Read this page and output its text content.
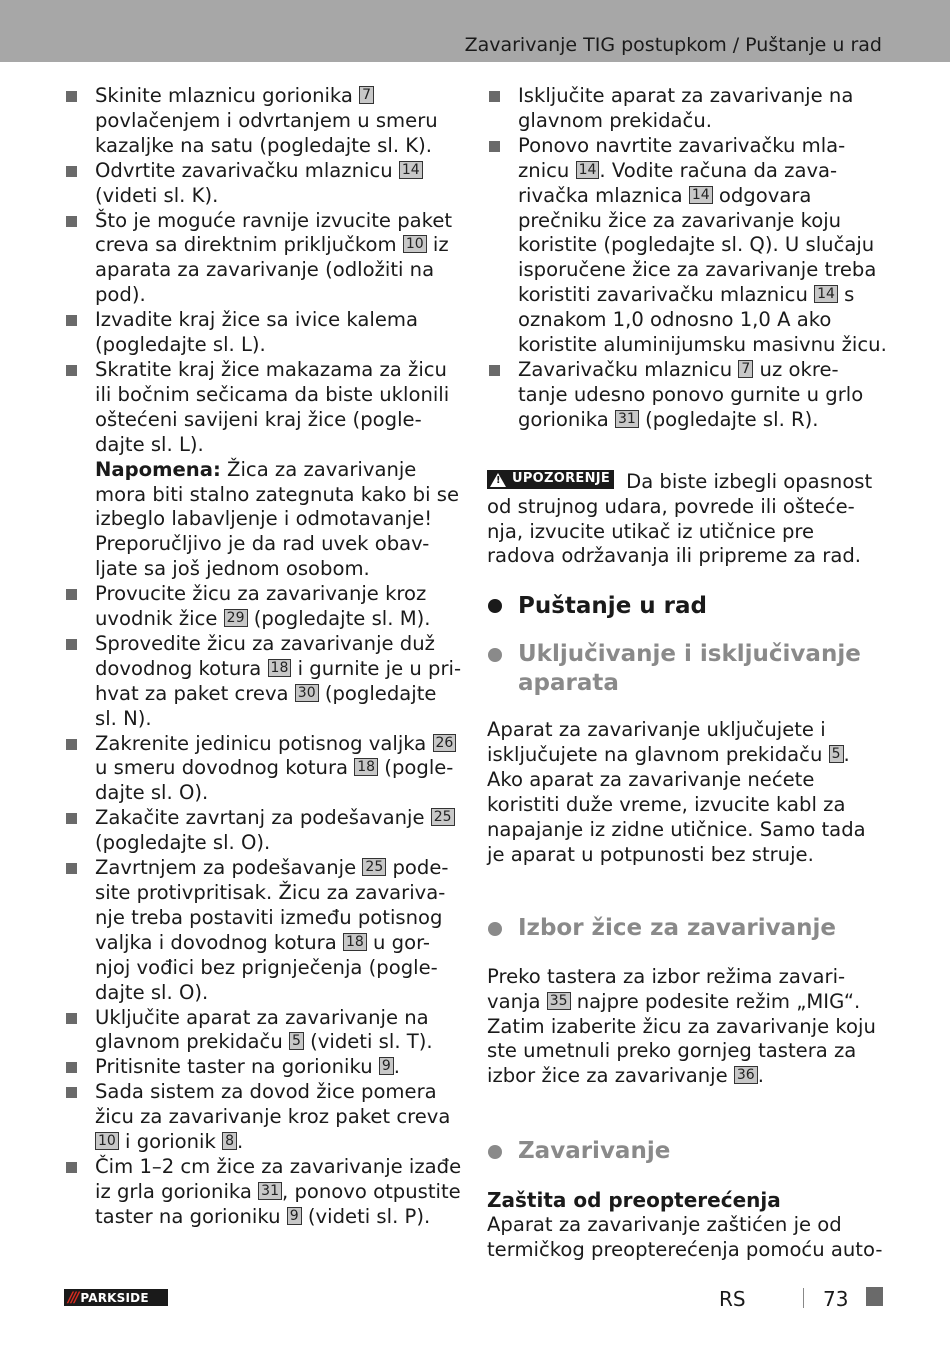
Zavarivanje TIG postupkom / Puštanje u rad
Skinite mlaznicu gorionika 7 povlačenjem i odvrtanjem u smeru kazaljke na satu (pogledajte sl. K).
Odvrtite zavarivačku mlaznicu 14 (videti sl. K).
Što je moguće ravnije izvucite paket creva sa direktnim priključkom 10 iz aparata za zavarivanje (odložiti na pod).
Izvadite kraj žice sa ivice kalema (pogledajte sl. L).
Skratite kraj žice makazama za žicu ili bočnim sečicama da biste uklonili oštećeni savijeni kraj žice (pogle-dajte sl. L).
Napomena: Žica za zavarivanje mora biti stalno zategnuta kako bi se izbeglo labavljenje i odmotavanje! Preporučljivo je da rad uvek obav-ljate sa još jednom osobom.
Provucite žicu za zavarivanje kroz uvodnik žice 29 (pogledajte sl. M).
Sprovedite žicu za zavarivanje duž dovodnog kotura 18 i gurnite je u pri-hvat za paket creva 30 (pogledajte sl. N).
Zakrenite jedinicu potisnog valjka 26 u smeru dovodnog kotura 18 (pogle-dajte sl. O).
Zakačite zavrtanj za podešavanje 25 (pogledajte sl. O).
Zavrtnjem za podešavanje 25 pode-site protivpritisak. Žicu za zavariva-nje treba postaviti između potisnog valjka i dovodnog kotura 18 u gor-njoj vođici bez prignječenja (pogle-dajte sl. O).
Uključite aparat za zavarivanje na glavnom prekidaču 5 (videti sl. T).
Pritisnite taster na gorioniku 9 .
Sada sistem za dovod žice pomera žicu za zavarivanje kroz paket creva 10 i gorionik 8 .
Čim 1–2 cm žice za zavarivanje izađe iz grla gorionika 31 , ponovo otpustite taster na gorioniku 9 (videti sl. P).
Isključite aparat za zavarivanje na glavnom prekidaču.
Ponovo navrtite zavarivačku mla-znicu 14 . Vodite računa da zava-rivačka mlaznica 14 odgovara prečniku žice za zavarivanje koju koristite (pogledajte sl. Q). U slučaju isporučene žice za zavarivanje treba koristiti zavarivačku mlaznicu 14 s oznakom 1,0 odnosno 1,0 A ako koristite aluminijumsku masivnu žicu.
Zavarivačku mlaznicu 7 uz okre-tanje udesno ponovo gurnite u grlo gorionika 31 (pogledajte sl. R).

!
UPOZORENJE Da biste izbegli opasnost od strujnog udara, povrede ili ošteće-nja, izvucite utikač iz utičnice pre radova održavanja ili pripreme za rad.

Puštanje u rad
Uključivanje i isključivanje aparata

Aparat za zavarivanje uključujete i isključujete na glavnom prekidaču 5 . Ako aparat za zavarivanje nećete koristiti duže vreme, izvucite kabl za napajanje iz zidne utičnice. Samo tada je aparat u potpunosti bez struje.

Izbor žice za zavarivanje

Preko tastera za izbor režima zavari-vanja 35 najpre podesite režim „MIG“. Zatim izaberite žicu za zavarivanje koju ste umetnuli preko gornjeg tastera za izbor žice za zavarivanje 36 .

Zavarivanje

Zaštita od preopterećenja

Aparat za zavarivanje zaštićen je od termičkog preopterećenja pomoću auto-

/// PARKSIDE	RS	73
